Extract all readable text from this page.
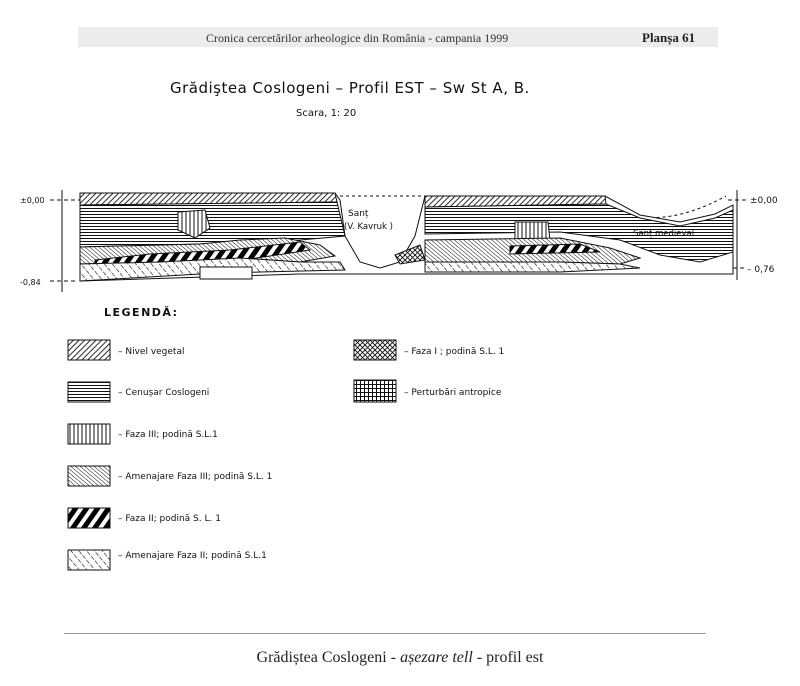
Cronica cercetărilor arheologice din România - campania 1999	Planșa 61
Grădiştea Coslogeni – Profil EST – Sw St A, B.
Scara, 1: 20
±0,00
-0,84
±0,00
– 0,76
Sanț
(V. Kavruk )
Sanț medieval
LEGENDĂ:
– Nivel vegetal
– Cenușar Coslogeni
– Faza III; podină S.L.1
– Amenajare Faza III; podină S.L. 1
– Faza II; podină S. L. 1
– Amenajare Faza II; podină S.L.1
– Faza I ; podină S.L. 1
– Perturbări antropice
Grădiștea Coslogeni - așezare tell - profil est
